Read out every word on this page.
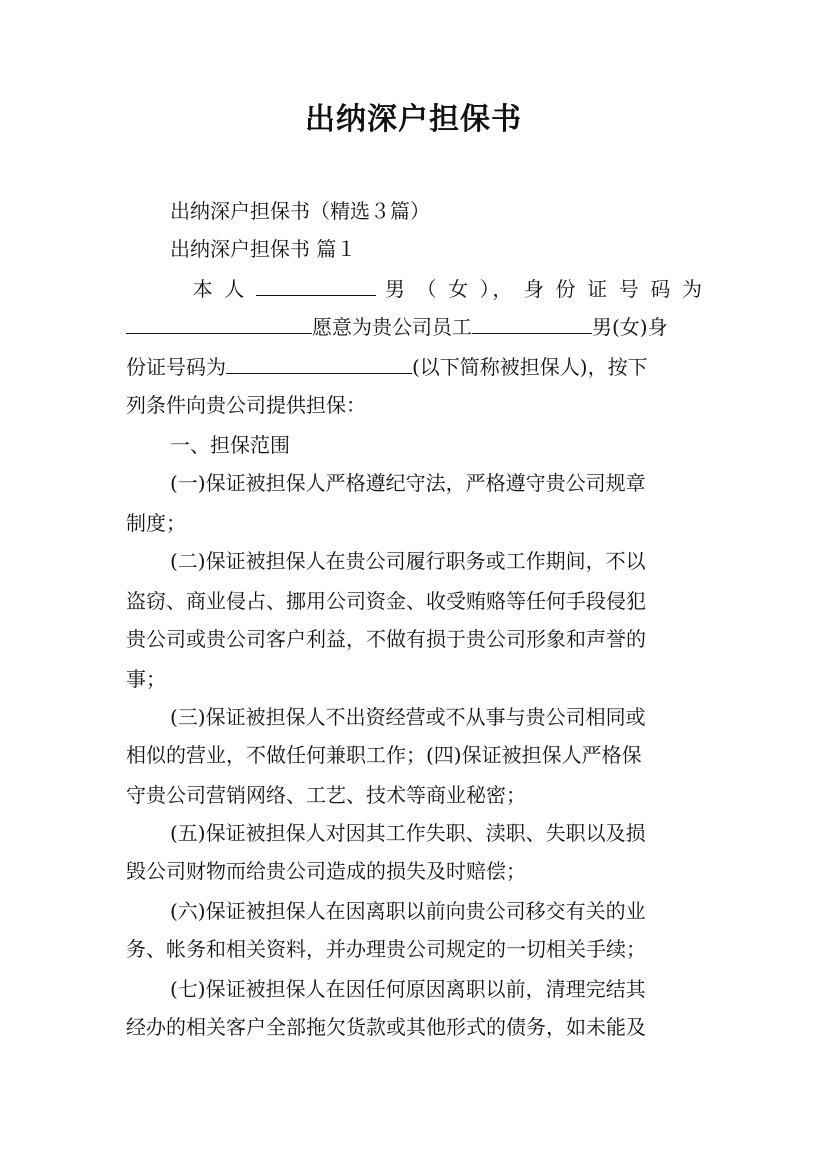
出纳深户担保书
出纳深户担保书（精选３篇）
出纳深户担保书 篇１
本 人	男 （ 女 ）， 身 份 证 号 码 为
愿意为贵公司员工	男(女)身
份证号码为	(以下简称被担保人)，按下
列条件向贵公司提供担保：
一、担保范围
(一)保证被担保人严格遵纪守法，严格遵守贵公司规章
制度；
(二)保证被担保人在贵公司履行职务或工作期间，不以
盗窃、商业侵占、挪用公司资金、收受贿赂等任何手段侵犯
贵公司或贵公司客户利益，不做有损于贵公司形象和声誉的
事；
(三)保证被担保人不出资经营或不从事与贵公司相同或
相似的营业，不做任何兼职工作；(四)保证被担保人严格保
守贵公司营销网络、工艺、技术等商业秘密；
(五)保证被担保人对因其工作失职、渎职、失职以及损
毁公司财物而给贵公司造成的损失及时赔偿；
(六)保证被担保人在因离职以前向贵公司移交有关的业
务、帐务和相关资料，并办理贵公司规定的一切相关手续；
(七)保证被担保人在因任何原因离职以前，清理完结其
经办的相关客户全部拖欠货款或其他形式的债务，如未能及
